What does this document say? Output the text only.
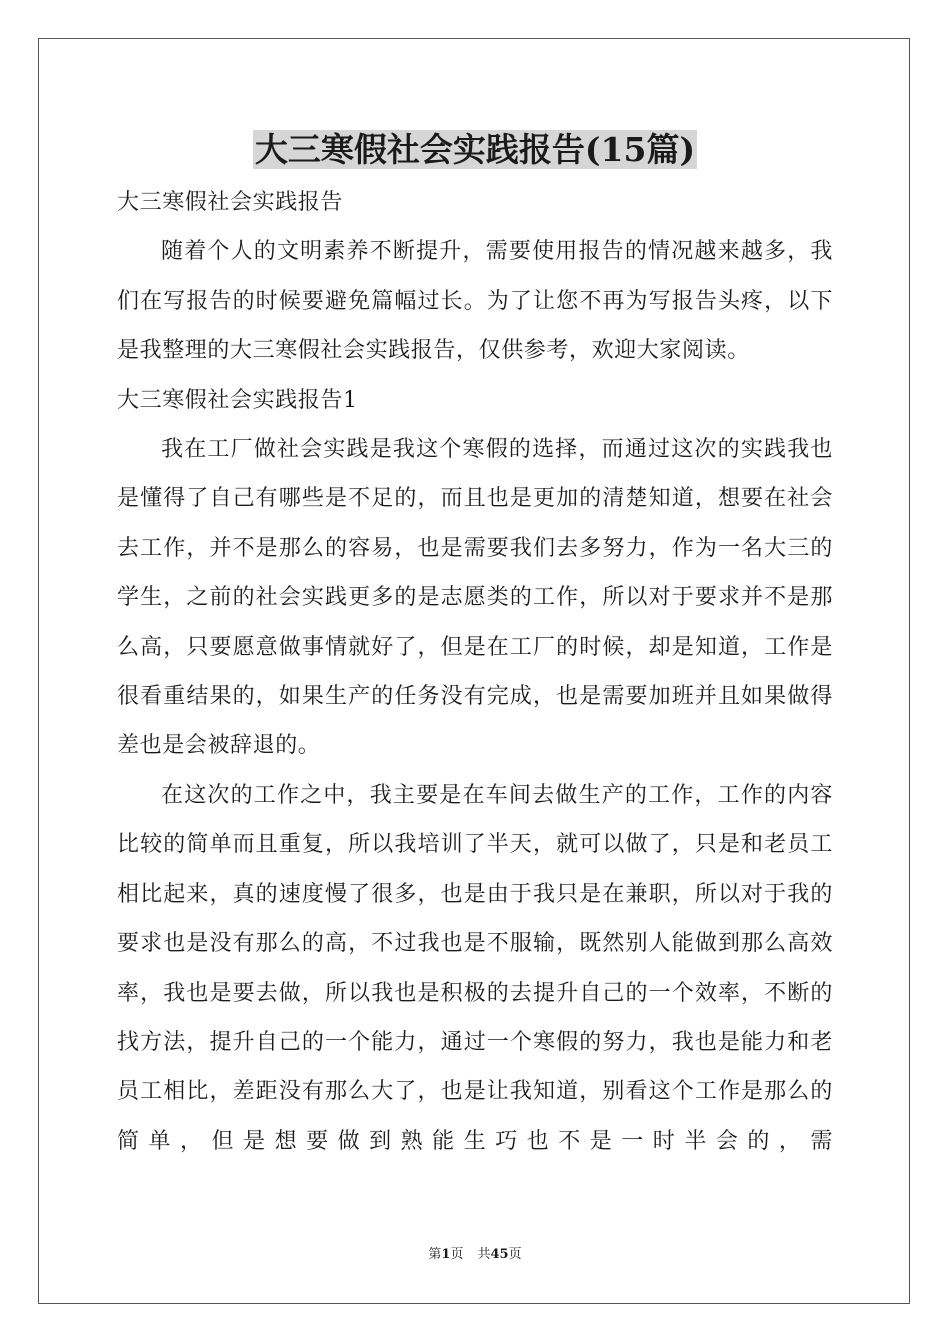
大三寒假社会实践报告(15篇)

大三寒假社会实践报告

随着个人的文明素养不断提升，需要使用报告的情况越来越多，我们在写报告的时候要避免篇幅过长。为了让您不再为写报告头疼，以下是我整理的大三寒假社会实践报告，仅供参考，欢迎大家阅读。

大三寒假社会实践报告1

我在工厂做社会实践是我这个寒假的选择，而通过这次的实践我也是懂得了自己有哪些是不足的，而且也是更加的清楚知道，想要在社会去工作，并不是那么的容易，也是需要我们去多努力，作为一名大三的学生，之前的社会实践更多的是志愿类的工作，所以对于要求并不是那么高，只要愿意做事情就好了，但是在工厂的时候，却是知道，工作是很看重结果的，如果生产的任务没有完成，也是需要加班并且如果做得差也是会被辞退的。

在这次的工作之中，我主要是在车间去做生产的工作，工作的内容比较的简单而且重复，所以我培训了半天，就可以做了，只是和老员工相比起来，真的速度慢了很多，也是由于我只是在兼职，所以对于我的要求也是没有那么的高，不过我也是不服输，既然别人能做到那么高效率，我也是要去做，所以我也是积极的去提升自己的一个效率，不断的找方法，提升自己的一个能力，通过一个寒假的努力，我也是能力和老员工相比，差距没有那么大了，也是让我知道，别看这个工作是那么的简单，但是想要做到熟能生巧也不是一时半会的，需

第1页 共45页
